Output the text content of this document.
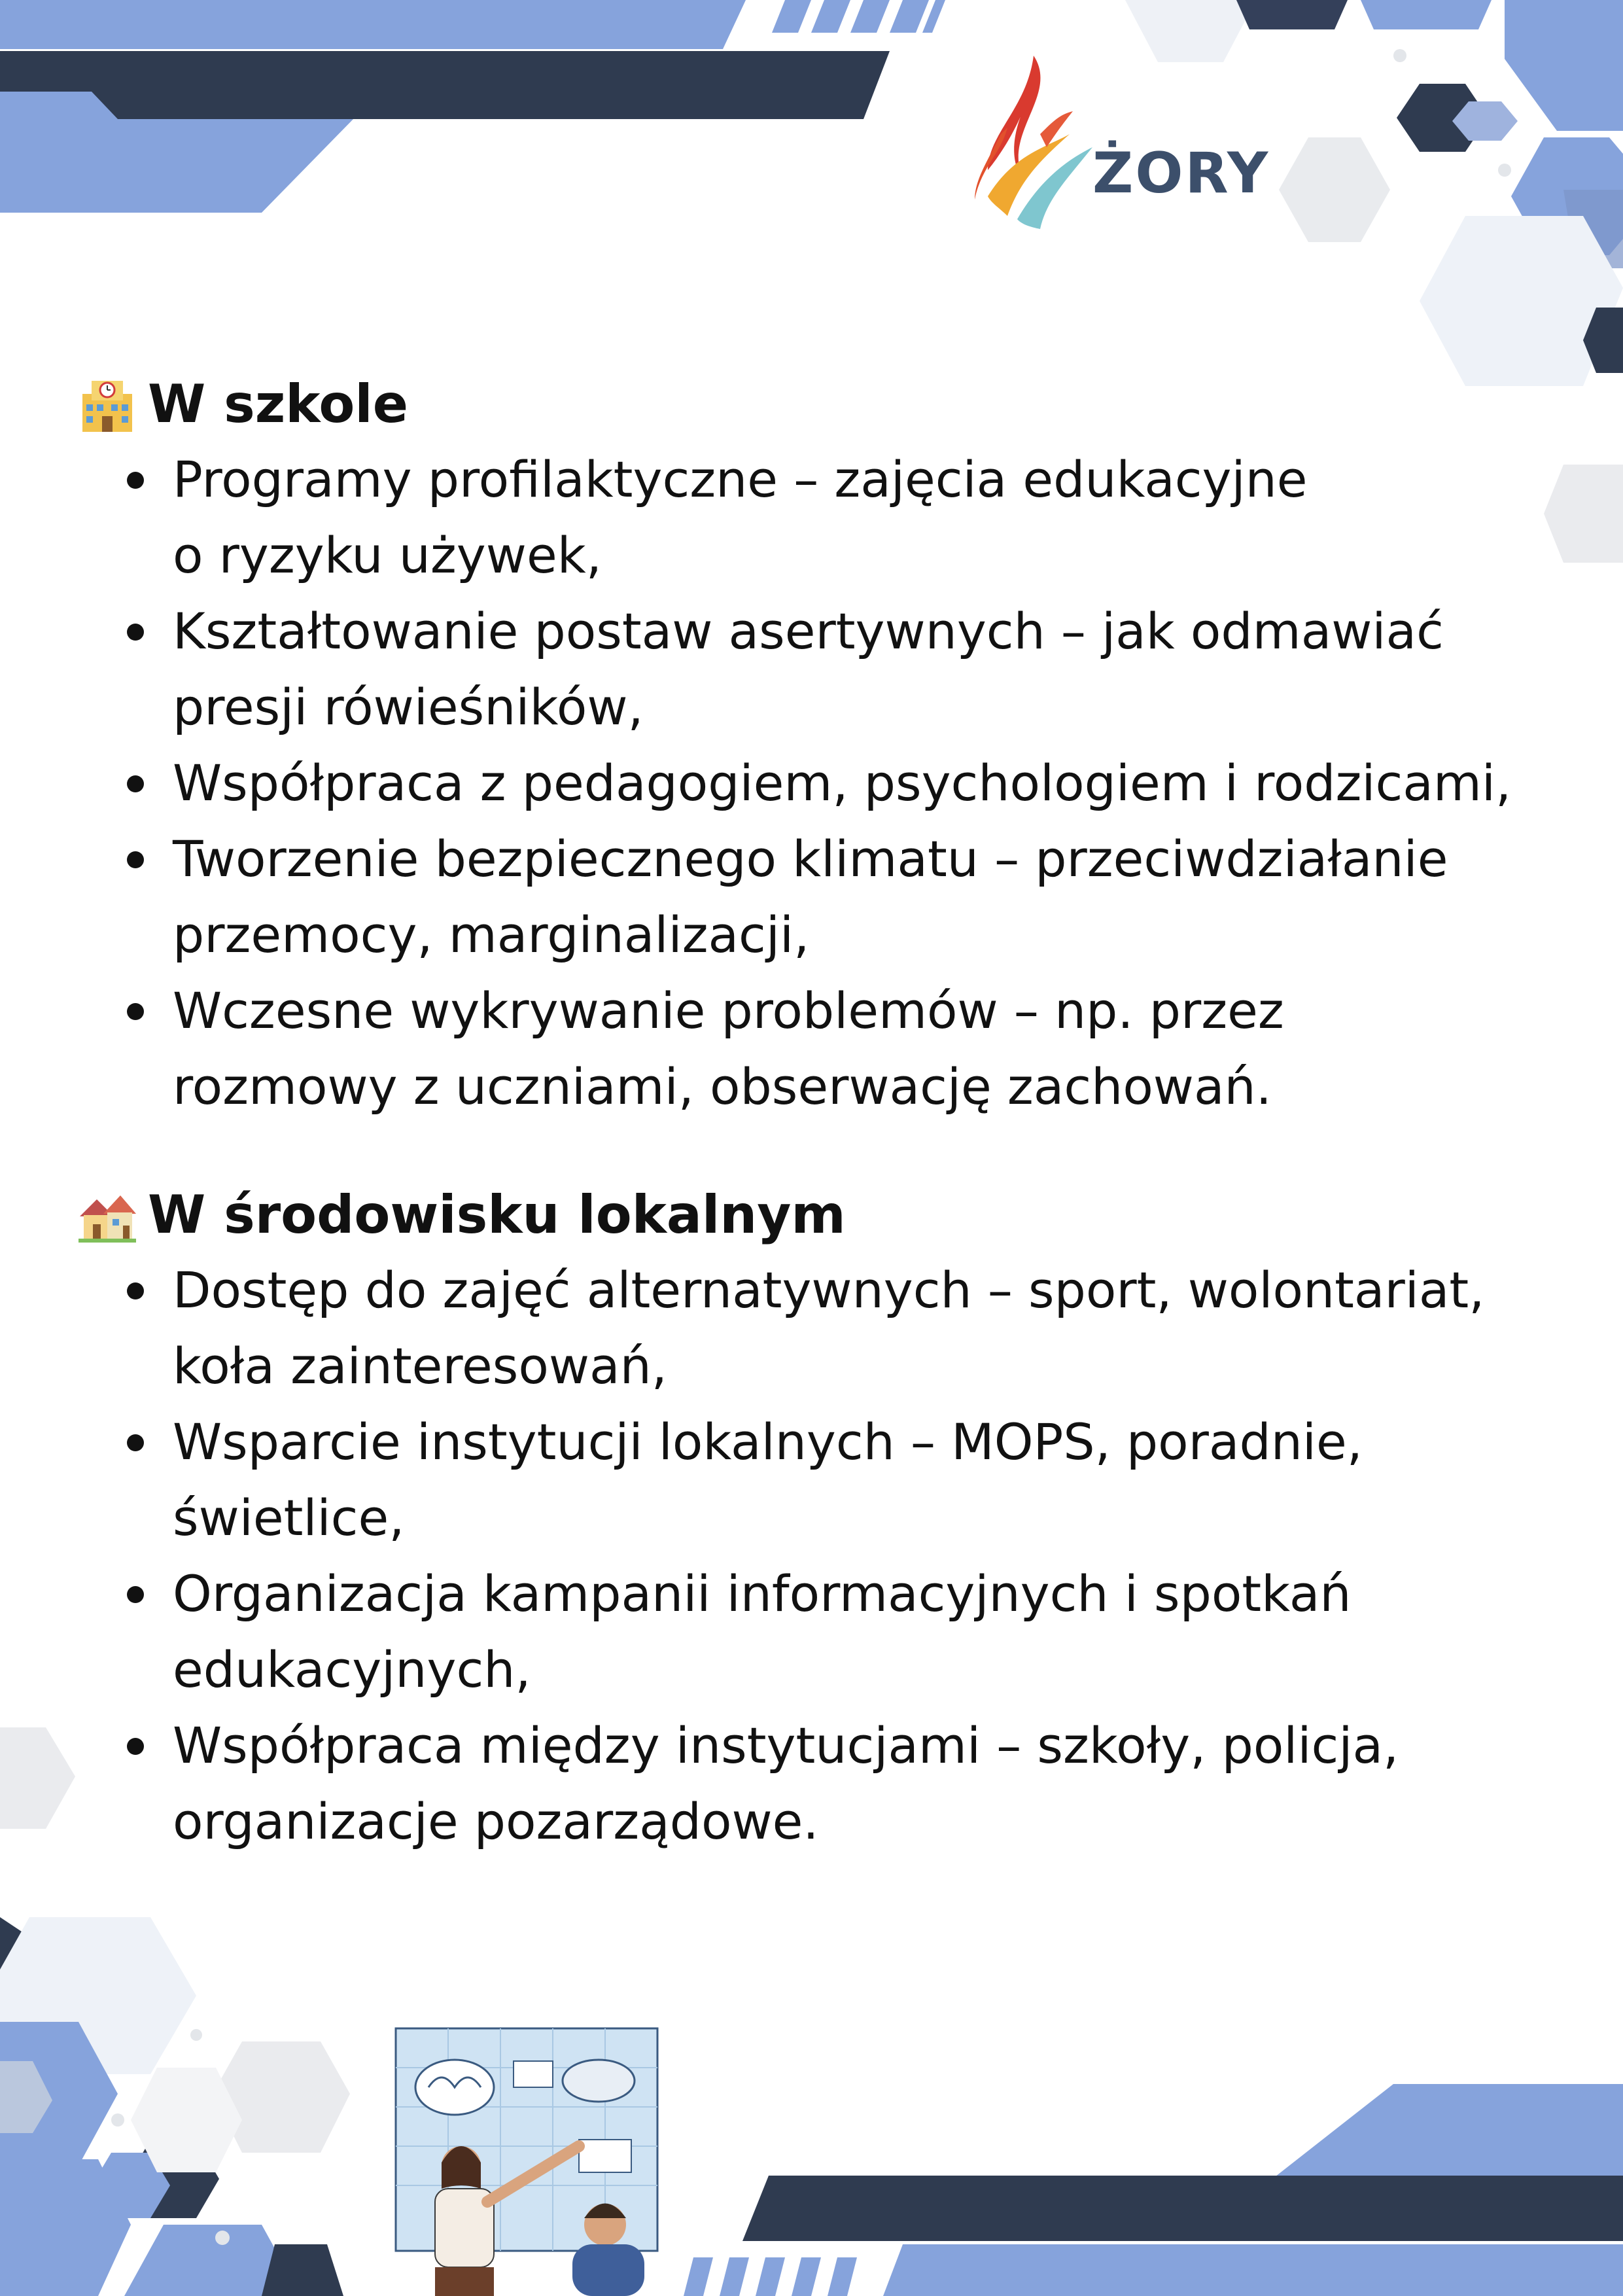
ŻORY
W szkole
Programy profilaktyczne – zajęcia edukacyjne
o ryzyku używek,
Kształtowanie postaw asertywnych – jak odmawiać
presji rówieśników,
Współpraca z pedagogiem, psychologiem i rodzicami,
Tworzenie bezpiecznego klimatu – przeciwdziałanie
przemocy, marginalizacji,
Wczesne wykrywanie problemów – np. przez
rozmowy z uczniami, obserwację zachowań.
W środowisku lokalnym
Dostęp do zajęć alternatywnych – sport, wolontariat,
koła zainteresowań,
Wsparcie instytucji lokalnych – MOPS, poradnie,
świetlice,
Organizacja kampanii informacyjnych i spotkań
edukacyjnych,
Współpraca między instytucjami – szkoły, policja,
organizacje pozarządowe.
